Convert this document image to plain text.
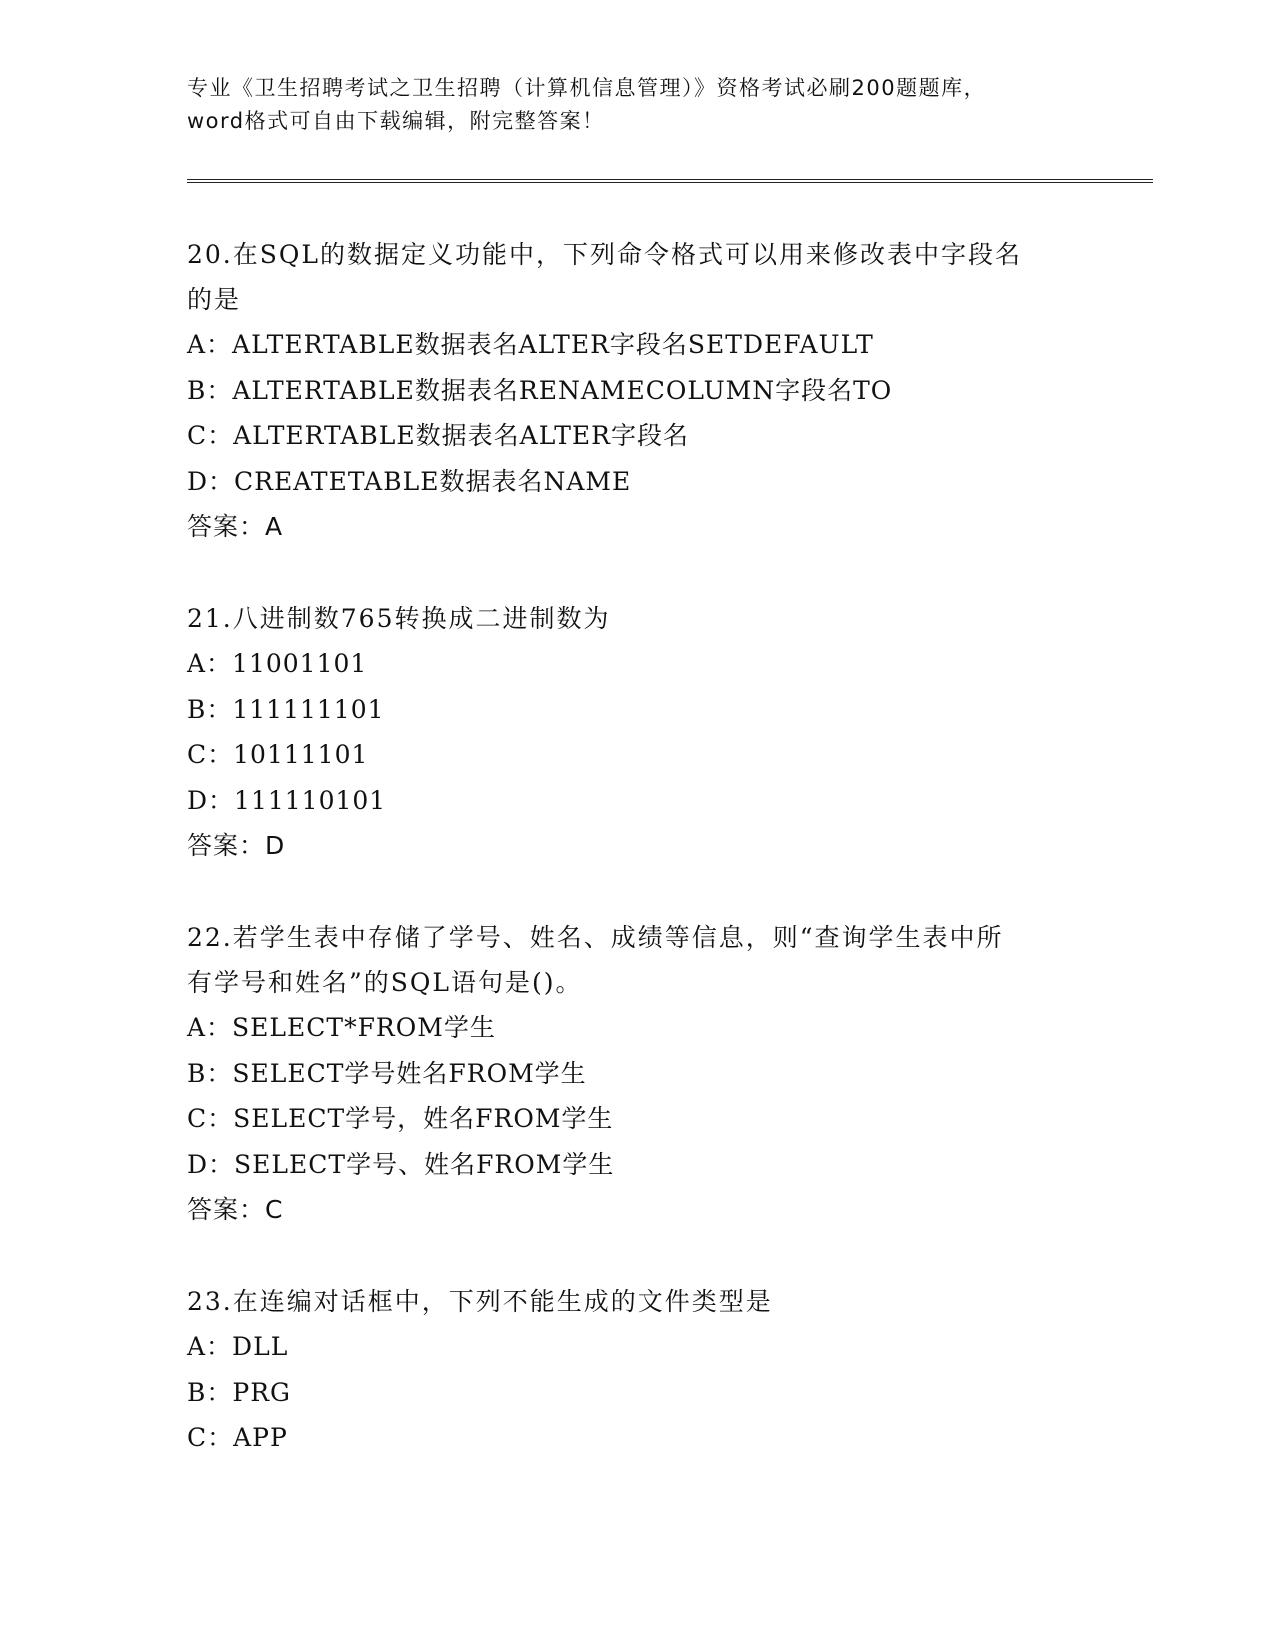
专业《卫生招聘考试之卫生招聘（计算机信息管理）》资格考试必刷200题题库，
word格式可自由下载编辑，附完整答案！
20.在SQL的数据定义功能中，下列命令格式可以用来修改表中字段名
的是
A：ALTERTABLE数据表名ALTER字段名SETDEFAULT
B：ALTERTABLE数据表名RENAMECOLUMN字段名TO
C：ALTERTABLE数据表名ALTER字段名
D：CREATETABLE数据表名NAME
答案：A
21.八进制数765转换成二进制数为
A：11001101
B：111111101
C：10111101
D：111110101
答案：D
22.若学生表中存储了学号、姓名、成绩等信息，则“查询学生表中所
有学号和姓名”的SQL语句是()。
A：SELECT*FROM学生
B：SELECT学号姓名FROM学生
C：SELECT学号，姓名FROM学生
D：SELECT学号、姓名FROM学生
答案：C
23.在连编对话框中，下列不能生成的文件类型是
A：DLL
B：PRG
C：APP
